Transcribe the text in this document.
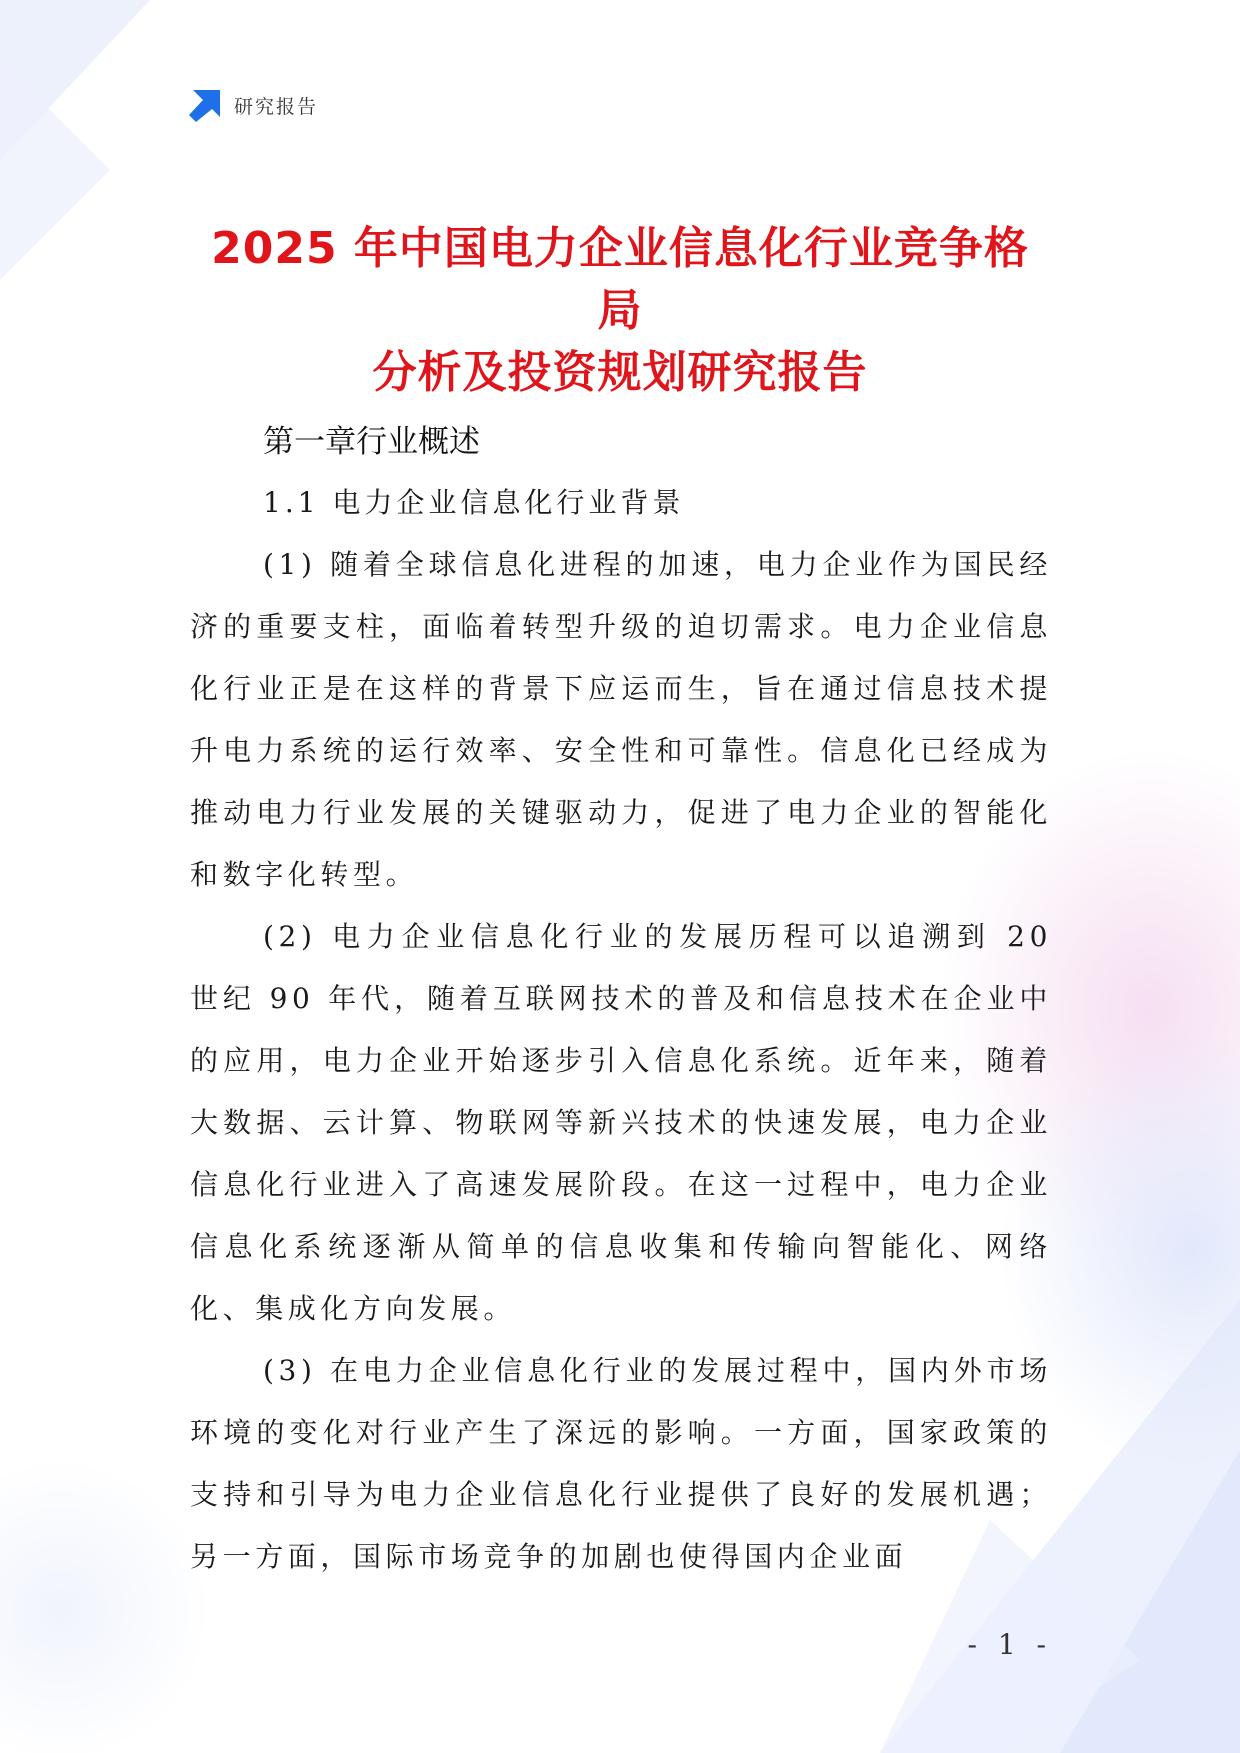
研究报告
2025 年中国电力企业信息化行业竞争格局
分析及投资规划研究报告
第一章行业概述
1.1 电力企业信息化行业背景

(1) 随着全球信息化进程的加速，电力企业作为国民经济的重要支柱，面临着转型升级的迫切需求。电力企业信息化行业正是在这样的背景下应运而生，旨在通过信息技术提升电力系统的运行效率、安全性和可靠性。信息化已经成为推动电力行业发展的关键驱动力，促进了电力企业的智能化和数字化转型。

(2) 电力企业信息化行业的发展历程可以追溯到 20 世纪 90 年代，随着互联网技术的普及和信息技术在企业中的应用，电力企业开始逐步引入信息化系统。近年来，随着大数据、云计算、物联网等新兴技术的快速发展，电力企业信息化行业进入了高速发展阶段。在这一过程中，电力企业信息化系统逐渐从简单的信息收集和传输向智能化、网络化、集成化方向发展。

(3) 在电力企业信息化行业的发展过程中，国内外市场环境的变化对行业产生了深远的影响。一方面，国家政策的支持和引导为电力企业信息化行业提供了良好的发展机遇；另一方面，国际市场竞争的加剧也使得国内企业面

- 1 -
